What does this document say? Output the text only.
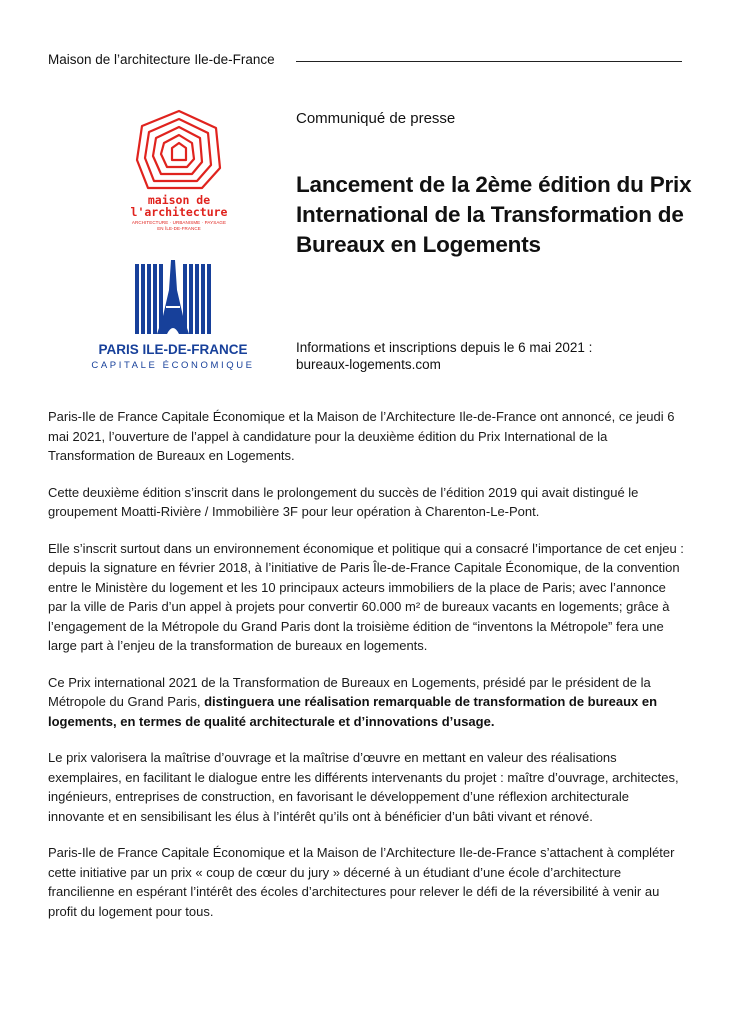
Maison de l’architecture Ile-de-France
maison de
l'architecture
ARCHITECTURE · URBANISME · PAYSAGE
EN ÎLE-DE-FRANCE
PARIS ILE-DE-FRANCE
CAPITALE ÉCONOMIQUE
Communiqué de presse
Lancement de la 2ème édition du Prix International de la Transformation de Bureaux en Logements
Informations et inscriptions depuis le 6 mai 2021 :
bureaux-logements.com

Paris-Ile de France Capitale Économique et la Maison de l’Architecture Ile-de-France ont annoncé, ce jeudi 6 mai 2021, l’ouverture de l’appel à candidature pour la deuxième édition du Prix International de la Transformation de Bureaux en Logements.

Cette deuxième édition s’inscrit dans le prolongement du succès de l’édition 2019 qui avait distingué le groupement Moatti-Rivière / Immobilière 3F pour leur opération à Charenton-Le-Pont.

Elle s’inscrit surtout dans un environnement économique et politique qui a consacré l’importance de cet enjeu : depuis la signature en février 2018, à l’initiative de Paris Île-de-France Capitale Économique, de la convention entre le Ministère du logement et les 10 principaux acteurs immobiliers de la place de Paris; avec l’annonce par la ville de Paris d’un appel à projets pour convertir 60.000 m² de bureaux vacants en logements; grâce à l’engagement de la Métropole du Grand Paris dont la troisième édition de “inventons la Métropole” fera une large part à l’enjeu de la transformation de bureaux en logements.

Ce Prix international 2021 de la Transformation de Bureaux en Logements, présidé par le président de la Métropole du Grand Paris, distinguera une réalisation remarquable de transformation de bureaux en logements, en termes de qualité architecturale et d’innovations d’usage.

Le prix valorisera la maîtrise d’ouvrage et la maîtrise d’œuvre en mettant en valeur des réalisations exemplaires, en facilitant le dialogue entre les différents intervenants du projet : maître d’ouvrage, architectes, ingénieurs, entreprises de construction, en favorisant le développement d’une réflexion architecturale innovante et en sensibilisant les élus à l’intérêt qu’ils ont à bénéficier d’un bâti vivant et rénové.

Paris-Ile de France Capitale Économique et la Maison de l’Architecture Ile-de-France s’attachent à compléter cette initiative par un prix « coup de cœur du jury » décerné à un étudiant d’une école d’architecture francilienne en espérant l’intérêt des écoles d’architectures pour relever le défi de la réversibilité à venir au profit du logement pour tous.
